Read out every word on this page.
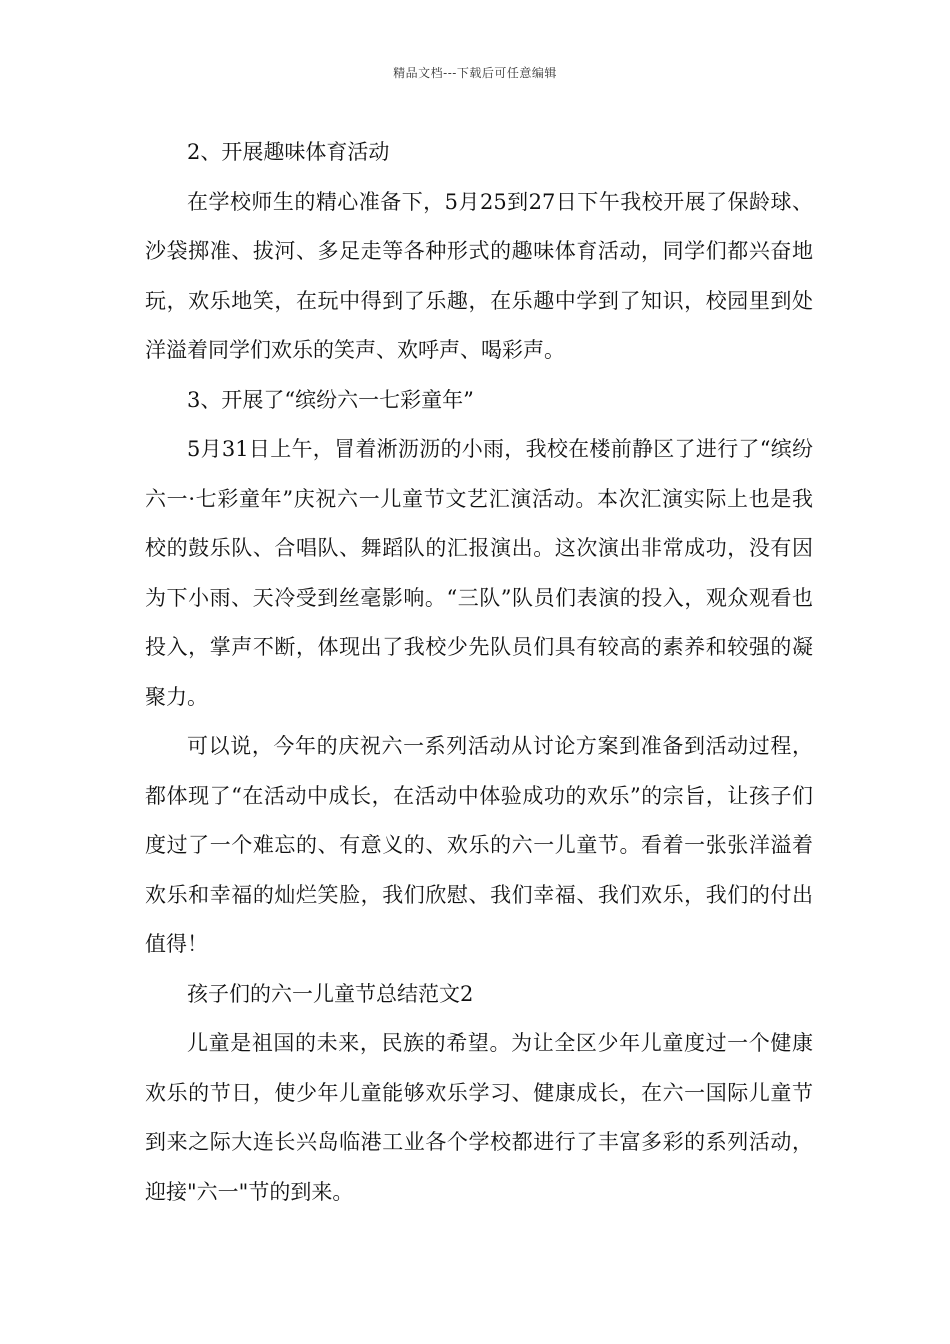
精品文档---下载后可任意编辑

2、开展趣味体育活动

在学校师生的精心准备下，5月25到27日下午我校开展了保龄球、沙袋掷准、拔河、多足走等各种形式的趣味体育活动，同学们都兴奋地玩，欢乐地笑，在玩中得到了乐趣，在乐趣中学到了知识，校园里到处洋溢着同学们欢乐的笑声、欢呼声、喝彩声。

3、开展了“缤纷六一七彩童年”

5月31日上午，冒着淅沥沥的小雨，我校在楼前静区了进行了“缤纷六一·七彩童年”庆祝六一儿童节文艺汇演活动。本次汇演实际上也是我校的鼓乐队、合唱队、舞蹈队的汇报演出。这次演出非常成功，没有因为下小雨、天冷受到丝毫影响。“三队”队员们表演的投入，观众观看也投入，掌声不断，体现出了我校少先队员们具有较高的素养和较强的凝聚力。

可以说，今年的庆祝六一系列活动从讨论方案到准备到活动过程，都体现了“在活动中成长，在活动中体验成功的欢乐”的宗旨，让孩子们度过了一个难忘的、有意义的、欢乐的六一儿童节。看着一张张洋溢着欢乐和幸福的灿烂笑脸，我们欣慰、我们幸福、我们欢乐，我们的付出值得！

孩子们的六一儿童节总结范文2

儿童是祖国的未来，民族的希望。为让全区少年儿童度过一个健康欢乐的节日，使少年儿童能够欢乐学习、健康成长，在六一国际儿童节到来之际大连长兴岛临港工业各个学校都进行了丰富多彩的系列活动，迎接"六一"节的到来。
